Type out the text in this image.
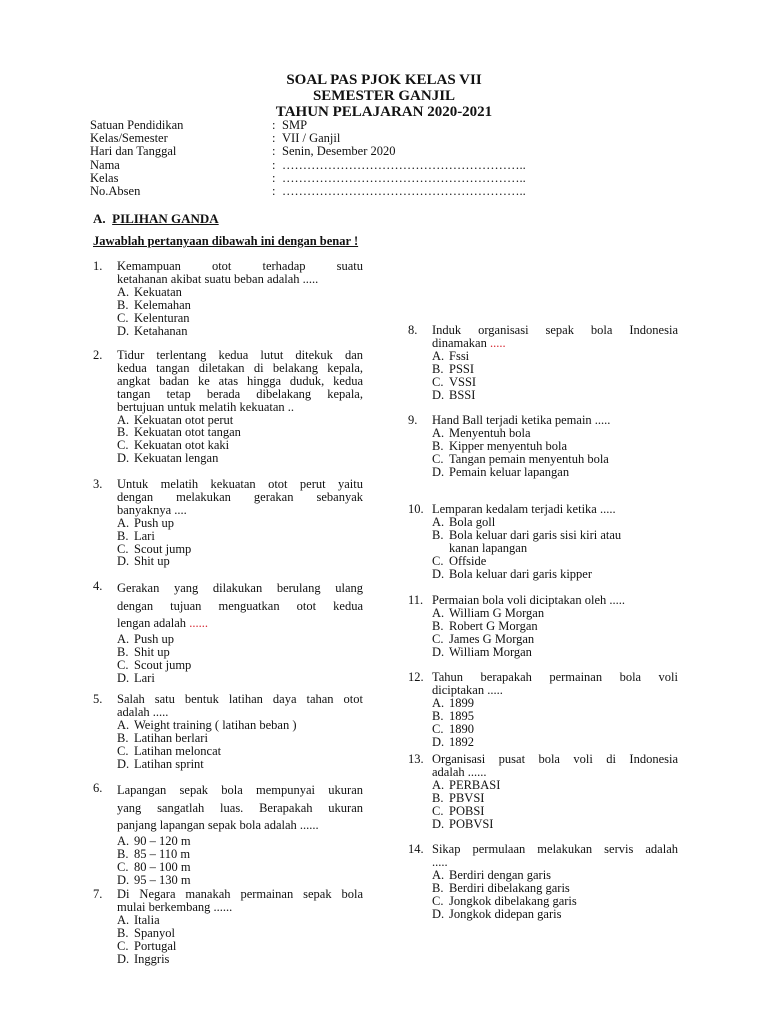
SOAL PAS PJOK KELAS VII
SEMESTER GANJIL
TAHUN PELAJARAN 2020-2021
Satuan Pendidikan	: SMP
Kelas/Semester	: VII / Ganjil
Hari dan Tanggal	: Senin, Desember 2020
Nama	: …………………………………………………..
Kelas	: …………………………………………………..
No.Absen	: …………………………………………………..
A. PILIHAN GANDA
Jawablah pertanyaan dibawah ini dengan benar !
1.	Kemampuan otot terhadap suatu
ketahanan akibat suatu beban adalah .....
A. Kekuatan
B. Kelemahan
C. Kelenturan
D. Ketahanan
2.	Tidur terlentang kedua lutut ditekuk dan
kedua tangan diletakan di belakang kepala,
angkat badan ke atas hingga duduk, kedua
tangan tetap berada dibelakang kepala,
bertujuan untuk melatih kekuatan ..
A. Kekuatan otot perut
B. Kekuatan otot tangan
C. Kekuatan otot kaki
D. Kekuatan lengan
3.	Untuk melatih kekuatan otot perut yaitu
dengan melakukan gerakan sebanyak
banyaknya ....
A. Push up
B. Lari
C. Scout jump
D. Shit up
4.	Gerakan yang dilakukan berulang ulang
dengan tujuan menguatkan otot kedua
lengan adalah ......
A. Push up
B. Shit up
C. Scout jump
D. Lari
5.	Salah satu bentuk latihan daya tahan otot
adalah .....
A. Weight training ( latihan beban )
B. Latihan berlari
C. Latihan meloncat
D. Latihan sprint
6.	Lapangan sepak bola mempunyai ukuran
yang sangatlah luas. Berapakah ukuran
panjang lapangan sepak bola adalah ......
A. 90 – 120 m
B. 85 – 110 m
C. 80 – 100 m
D. 95 – 130 m
7.	Di Negara manakah permainan sepak bola
mulai berkembang ......
A. Italia
B. Spanyol
C. Portugal
D. Inggris
8.	Induk organisasi sepak bola Indonesia
dinamakan .....
A. Fssi
B. PSSI
C. VSSI
D. BSSI
9.	Hand Ball terjadi ketika pemain .....
A. Menyentuh bola
B. Kipper menyentuh bola
C. Tangan pemain menyentuh bola
D. Pemain keluar lapangan
10. Lemparan kedalam terjadi ketika .....
A. Bola goll
B. Bola keluar dari garis sisi kiri atau
kanan lapangan
C. Offside
D. Bola keluar dari garis kipper
11. Permaian bola voli diciptakan oleh .....
A. William G Morgan
B. Robert G Morgan
C. James G Morgan
D. William Morgan
12. Tahun berapakah permainan bola voli
diciptakan .....
A. 1899
B. 1895
C. 1890
D. 1892
13. Organisasi pusat bola voli di Indonesia
adalah ......
A. PERBASI
B. PBVSI
C. POBSI
D. POBVSI
14. Sikap permulaan melakukan servis adalah
.....
A. Berdiri dengan garis
B. Berdiri dibelakang garis
C. Jongkok dibelakang garis
D. Jongkok didepan garis
